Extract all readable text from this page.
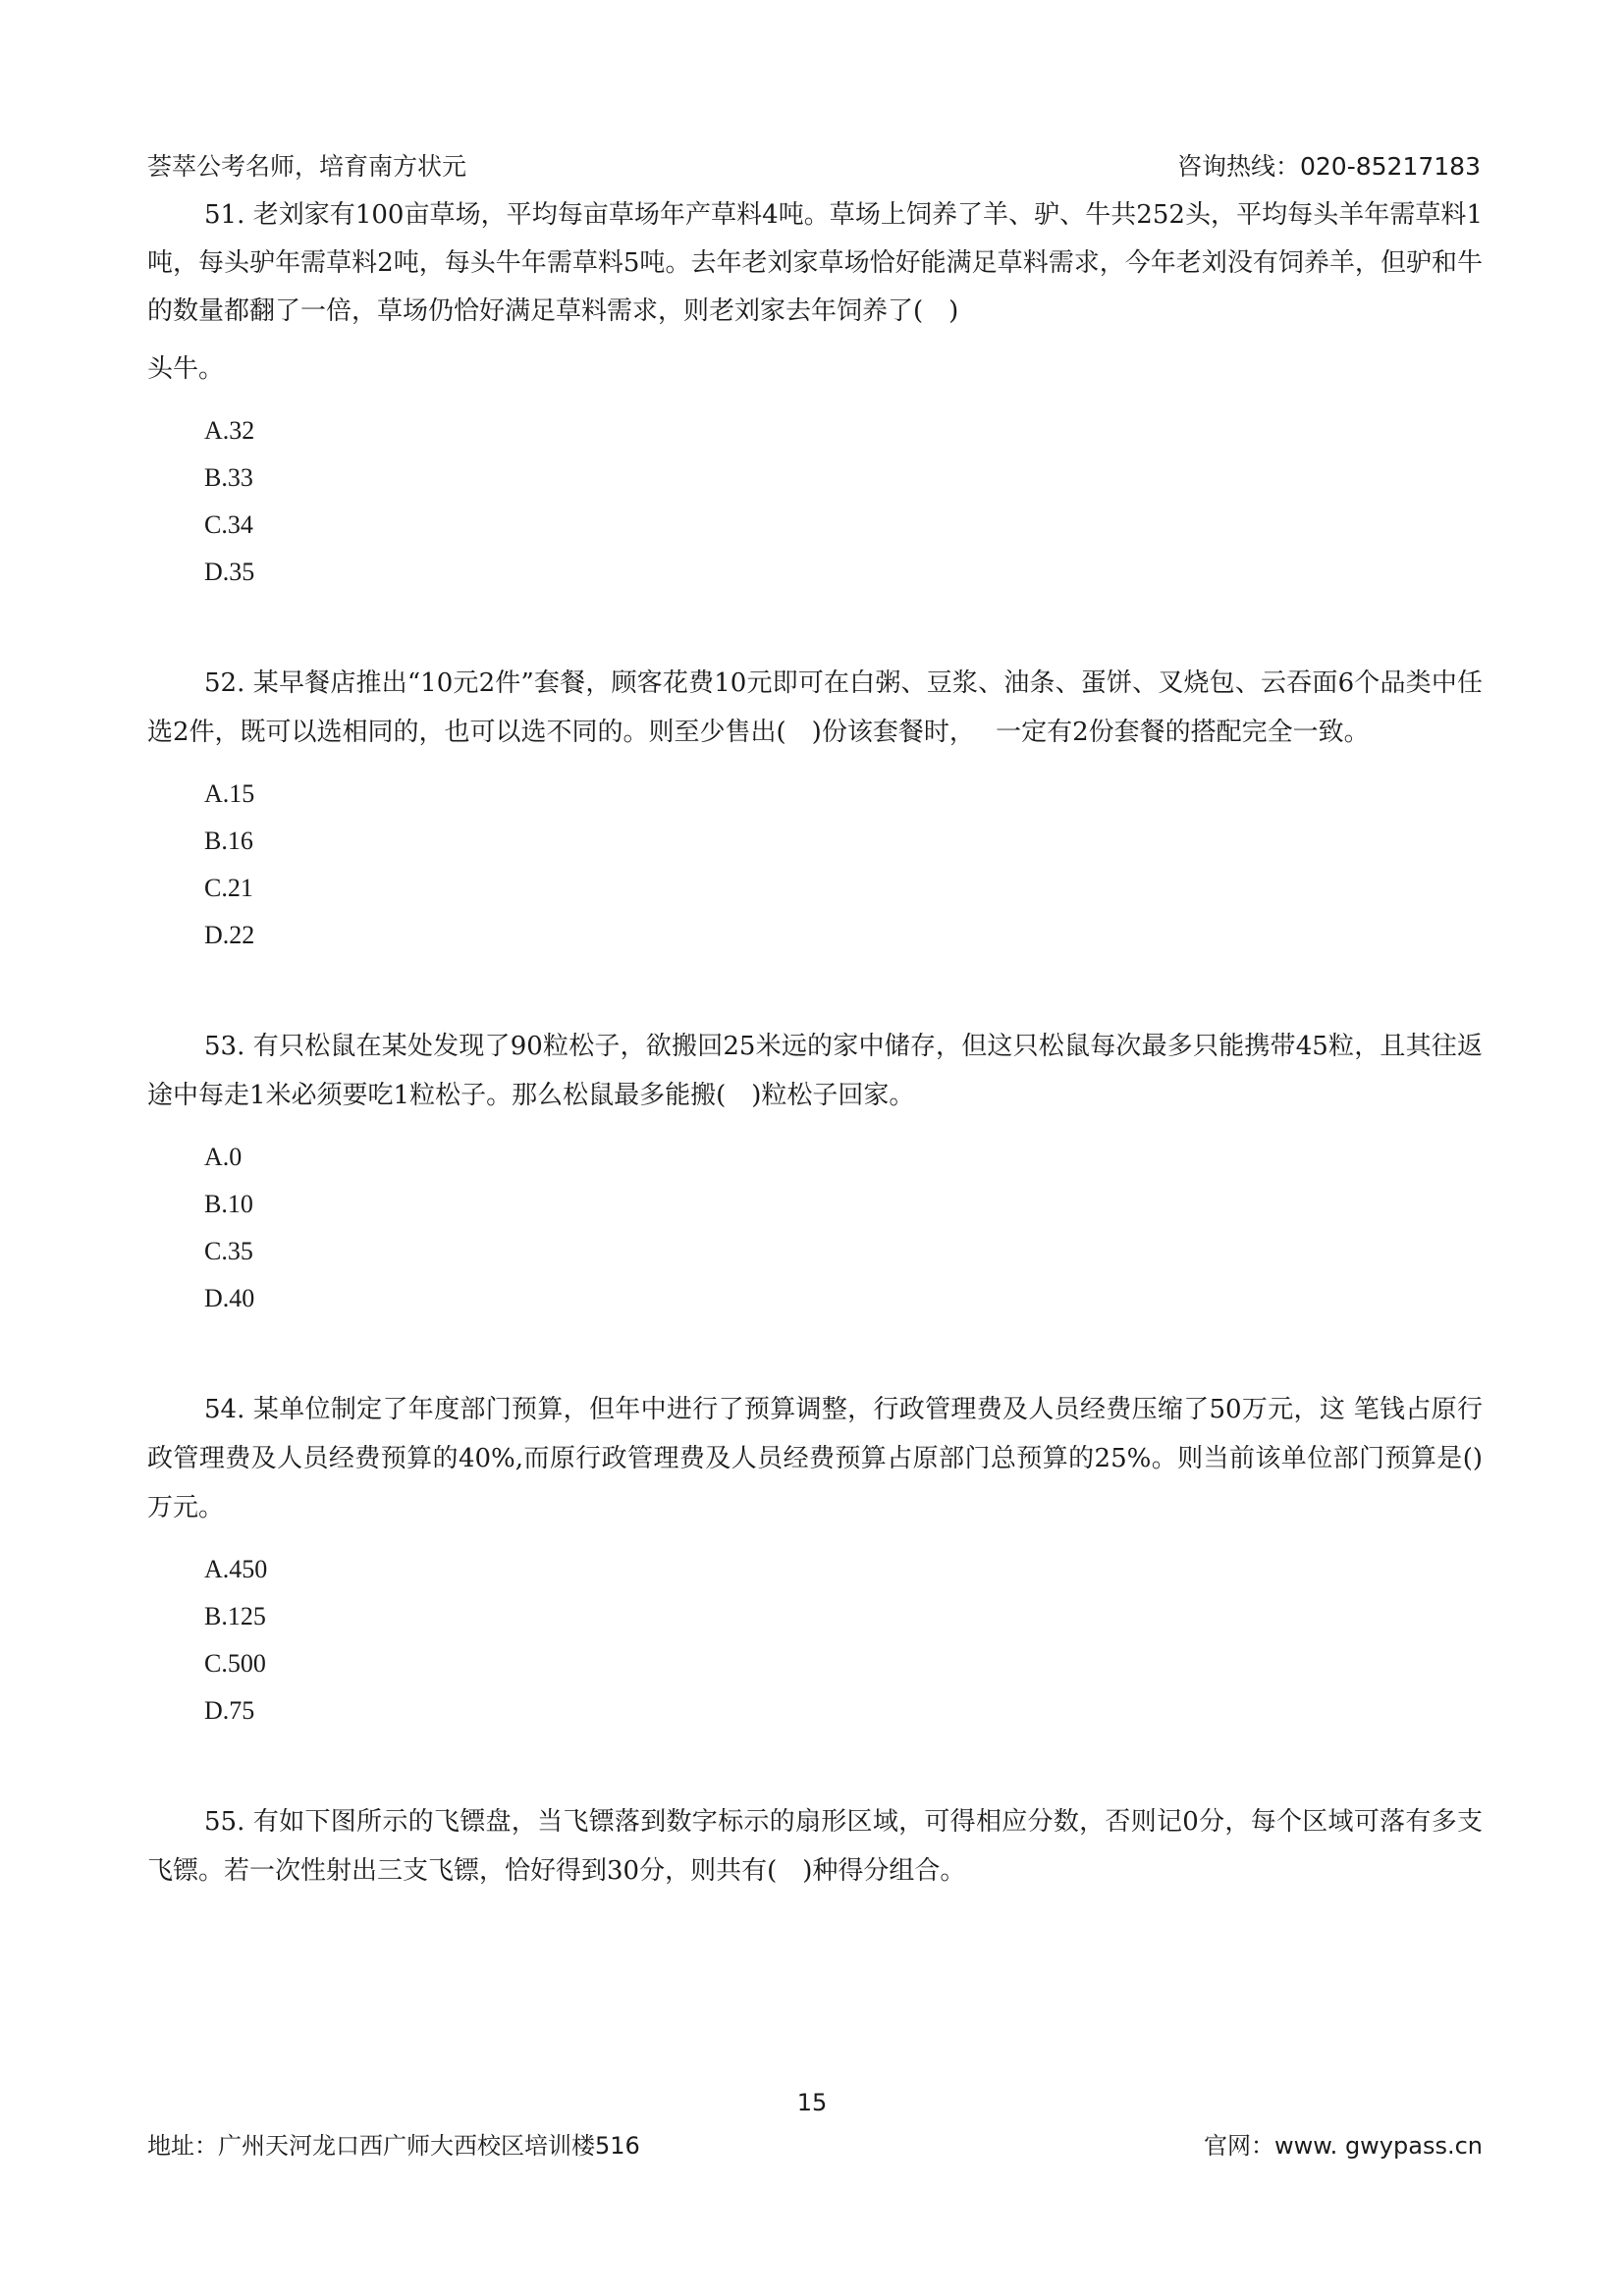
荟萃公考名师，培育南方状元	咨询热线：020-85217183

51. 老刘家有100亩草场，平均每亩草场年产草料4吨。草场上饲养了羊、驴、牛共252头，平均每头羊年需草料1吨，每头驴年需草料2吨，每头牛年需草料5吨。去年老刘家草场恰好能满足草料需求，今年老刘没有饲养羊，但驴和牛的数量都翻了一倍，草场仍恰好满足草料需求，则老刘家去年饲养了(　)
头牛。

A.32
B.33
C.34
D.35

52. 某早餐店推出“10元2件”套餐，顾客花费10元即可在白粥、豆浆、油条、蛋饼、叉烧包、云吞面6个品类中任选2件，既可以选相同的，也可以选不同的。则至少售出(　)份该套餐时，　 一定有2份套餐的搭配完全一致。

A.15
B.16
C.21
D.22

53. 有只松鼠在某处发现了90粒松子，欲搬回25米远的家中储存，但这只松鼠每次最多只能携带45粒，且其往返途中每走1米必须要吃1粒松子。那么松鼠最多能搬(　)粒松子回家。

A.0
B.10
C.35
D.40

54. 某单位制定了年度部门预算，但年中进行了预算调整，行政管理费及人员经费压缩了50万元，这 笔钱占原行政管理费及人员经费预算的40%,而原行政管理费及人员经费预算占原部门总预算的25%。则当前该单位部门预算是()万元。

A.450
B.125
C.500
D.75

55. 有如下图所示的飞镖盘，当飞镖落到数字标示的扇形区域，可得相应分数，否则记0分，每个区域可落有多支飞镖。若一次性射出三支飞镖，恰好得到30分，则共有(　)种得分组合。

15
地址：广州天河龙口西广师大西校区培训楼516	官网：www. gwypass.cn
